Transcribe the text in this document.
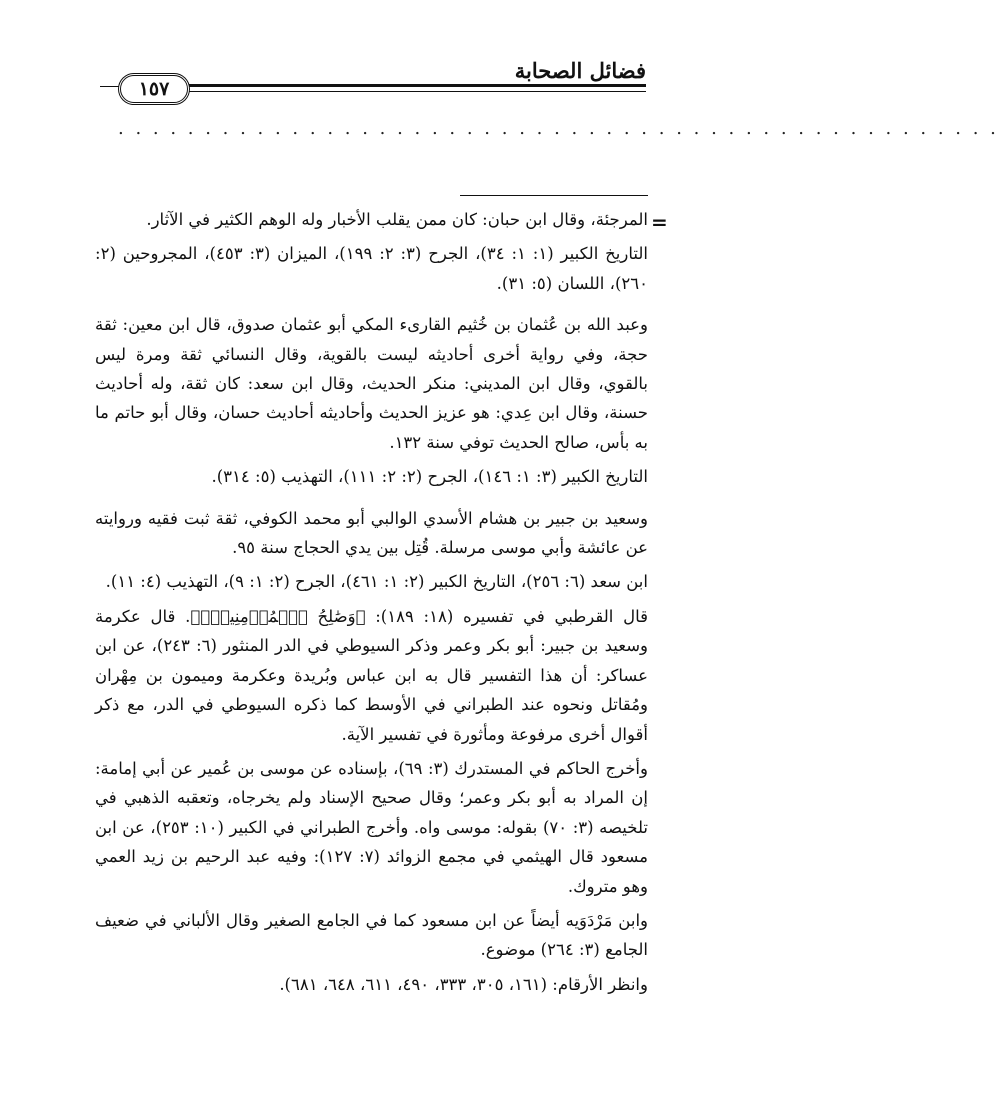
فضائل الصحابة
١٥٧
. . . . . . . . . . . . . . . . . . . . . . . . . . . . . . . . . . . . . . . . . . . . . . . . . . .
=

المرجئة، وقال ابن حبان: كان ممن يقلب الأخبار وله الوهم الكثير في الآثار.

التاريخ الكبير (١: ١: ٣٤)، الجرح (٣: ٢: ١٩٩)، الميزان (٣: ٤٥٣)، المجروحين (٢: ٢٦٠)، اللسان (٥: ٣١).

وعبد الله بن عُثمان بن خُثيم القارىء المكي أبو عثمان صدوق، قال ابن معين: ثقة حجة، وفي رواية أخرى أحاديثه ليست بالقوية، وقال النسائي ثقة ومرة ليس بالقوي، وقال ابن المديني: منكر الحديث، وقال ابن سعد: كان ثقة، وله أحاديث حسنة، وقال ابن عِدي: هو عزيز الحديث وأحاديثه أحاديث حسان، وقال أبو حاتم ما به بأس، صالح الحديث توفي سنة ١٣٢.

التاريخ الكبير (٣: ١: ١٤٦)، الجرح (٢: ٢: ١١١)، التهذيب (٥: ٣١٤).

وسعيد بن جبير بن هشام الأسدي الوالبي أبو محمد الكوفي، ثقة ثبت فقيه وروايته عن عائشة وأبي موسى مرسلة. قُتِل بين يدي الحجاج سنة ٩٥.

ابن سعد (٦: ٢٥٦)، التاريخ الكبير (٢: ١: ٤٦١)، الجرح (٢: ١: ٩)، التهذيب (٤: ١١).

قال القرطبي في تفسيره (١٨: ١٨٩): ﴿وَصَٰلِحُ ٱلۡمُؤۡمِنِينَۖ﴾. قال عكرمة وسعيد بن جبير: أبو بكر وعمر وذكر السيوطي في الدر المنثور (٦: ٢٤٣)، عن ابن عساكر: أن هذا التفسير قال به ابن عباس وبُريدة وعكرمة وميمون بن مِهْران ومُقاتل ونحوه عند الطبراني في الأوسط كما ذكره السيوطي في الدر، مع ذكر أقوال أخرى مرفوعة ومأثورة في تفسير الآية.

وأخرج الحاكم في المستدرك (٣: ٦٩)، بإسناده عن موسى بن عُمير عن أبي إمامة: إن المراد به أبو بكر وعمر؛ وقال صحيح الإسناد ولم يخرجاه، وتعقبه الذهبي في تلخيصه (٣: ٧٠) بقوله: موسى واه. وأخرج الطبراني في الكبير (١٠: ٢٥٣)، عن ابن مسعود قال الهيثمي في مجمع الزوائد (٧: ١٢٧): وفيه عبد الرحيم بن زيد العمي وهو متروك.

وابن مَرْدَوَيه أيضاً عن ابن مسعود كما في الجامع الصغير وقال الألباني في ضعيف الجامع (٣: ٢٦٤) موضوع.

وانظر الأرقام: (١٦١، ٣٠٥، ٣٣٣، ٤٩٠، ٦١١، ٦٤٨، ٦٨١).
